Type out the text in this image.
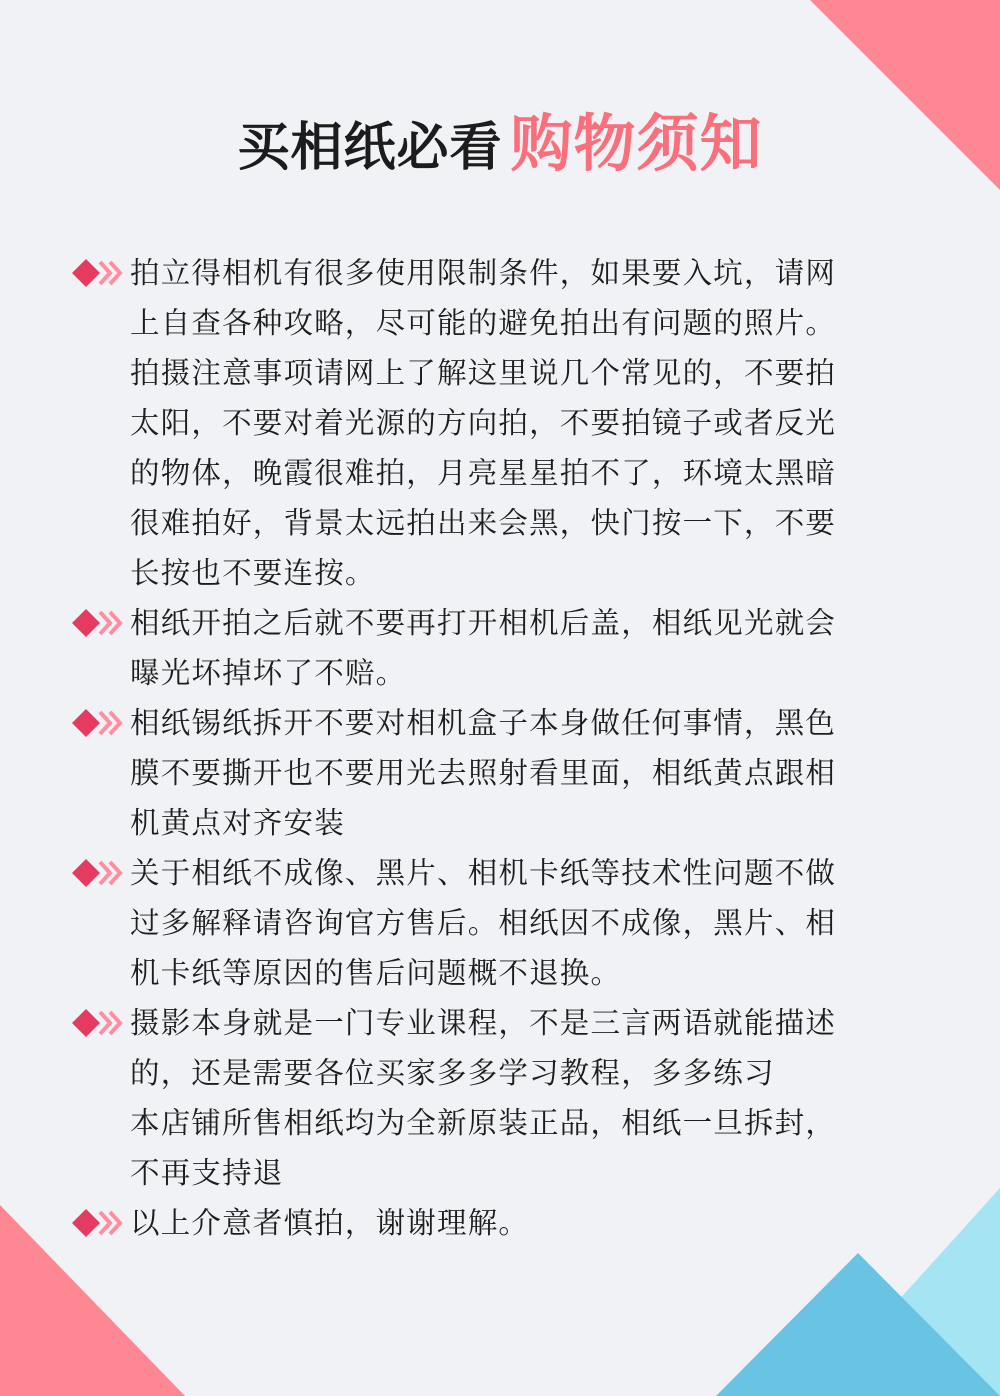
买相纸必看 购物须知

拍立得相机有很多使用限制条件，如果要入坑，请网
上自查各种攻略，尽可能的避免拍出有问题的照片。
拍摄注意事项请网上了解这里说几个常见的，不要拍
太阳，不要对着光源的方向拍，不要拍镜子或者反光
的物体，晚霞很难拍，月亮星星拍不了，环境太黑暗
很难拍好，背景太远拍出来会黑，快门按一下，不要
长按也不要连按。

相纸开拍之后就不要再打开相机后盖，相纸见光就会
曝光坏掉坏了不赔。

相纸锡纸拆开不要对相机盒子本身做任何事情，黑色
膜不要撕开也不要用光去照射看里面，相纸黄点跟相
机黄点对齐安装

关于相纸不成像、黑片、相机卡纸等技术性问题不做
过多解释请咨询官方售后。相纸因不成像，黑片、相
机卡纸等原因的售后问题概不退换。

摄影本身就是一门专业课程，不是三言两语就能描述
的，还是需要各位买家多多学习教程，多多练习
本店铺所售相纸均为全新原装正品，相纸一旦拆封，
不再支持退

以上介意者慎拍，谢谢理解。
